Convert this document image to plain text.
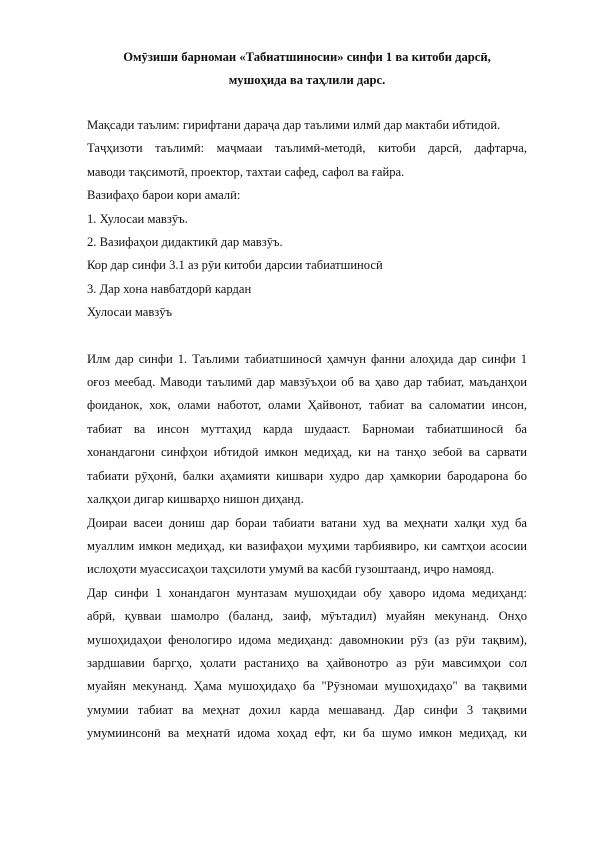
Омӯзиши барномаи «Табиатшиносии» синфи 1 ва китоби дарсӣ,
мушоҳида ва таҳлили дарс.

Мақсади таълим: гирифтани дараҷа дар таълими илмӣ дар мактаби ибтидоӣ.

Таҷҳизоти таълимӣ: маҷмааи таълимӣ-методӣ, китоби дарсӣ, дафтарча,

маводи тақсимотӣ, проектор, тахтаи сафед, сафол ва ғайра.

Вазифаҳо барои кори амалӣ:

1. Хулосаи мавзӯъ.

2. Вазифаҳои дидактикӣ дар мавзӯъ.

Кор дар синфи 3.1 аз рӯи китоби дарсии табиатшиносӣ

3. Дар хона навбатдорӣ кардан

Хулосаи мавзӯъ

Илм дар синфи 1. Таълими табиатшиносӣ ҳамчун фанни алоҳида дар синфи 1

оғоз меебад. Маводи таълимӣ дар мавзӯъҳои об ва ҳаво дар табиат, маъданҳои

фоиданок, хок, олами наботот, олами Ҳайвонот, табиат ва саломатии инсон,

табиат ва инсон муттаҳид карда шудааст. Барномаи табиатшиносӣ ба

хонандагони синфҳои ибтидоӣ имкон медиҳад, ки на танҳо зебоӣ ва сарвати

табиати рӯҳонӣ, балки аҳамияти кишвари худро дар ҳамкории бародарона бо

халқҳои дигар кишварҳо нишон диҳанд.

Доираи васеи дониш дар бораи табиати ватани худ ва меҳнати халқи худ ба

муаллим имкон медиҳад, ки вазифаҳои муҳими тарбиявиро, ки самтҳои асосии

ислоҳоти муассисаҳои таҳсилоти умумӣ ва касбӣ гузоштаанд, иҷро намояд.

Дар синфи 1 хонандагон мунтазам мушоҳидаи обу ҳаворо идома медиҳанд:

абрӣ, қувваи шамолро (баланд, заиф, мӯътадил) муайян мекунанд. Онҳо

мушоҳидаҳои фенологиро идома медиҳанд: давомнокии рӯз (аз рӯи тақвим),

зардшавии баргҳо, ҳолати растаниҳо ва ҳайвонотро аз рӯи мавсимҳои сол

муайян мекунанд. Ҳама мушоҳидаҳо ба "Рӯзномаи мушоҳидаҳо" ва тақвими

умумии табиат ва меҳнат дохил карда мешаванд. Дар синфи 3 тақвими

умумиинсонӣ ва меҳнатӣ идома хоҳад ефт, ки ба шумо имкон медиҳад, ки
